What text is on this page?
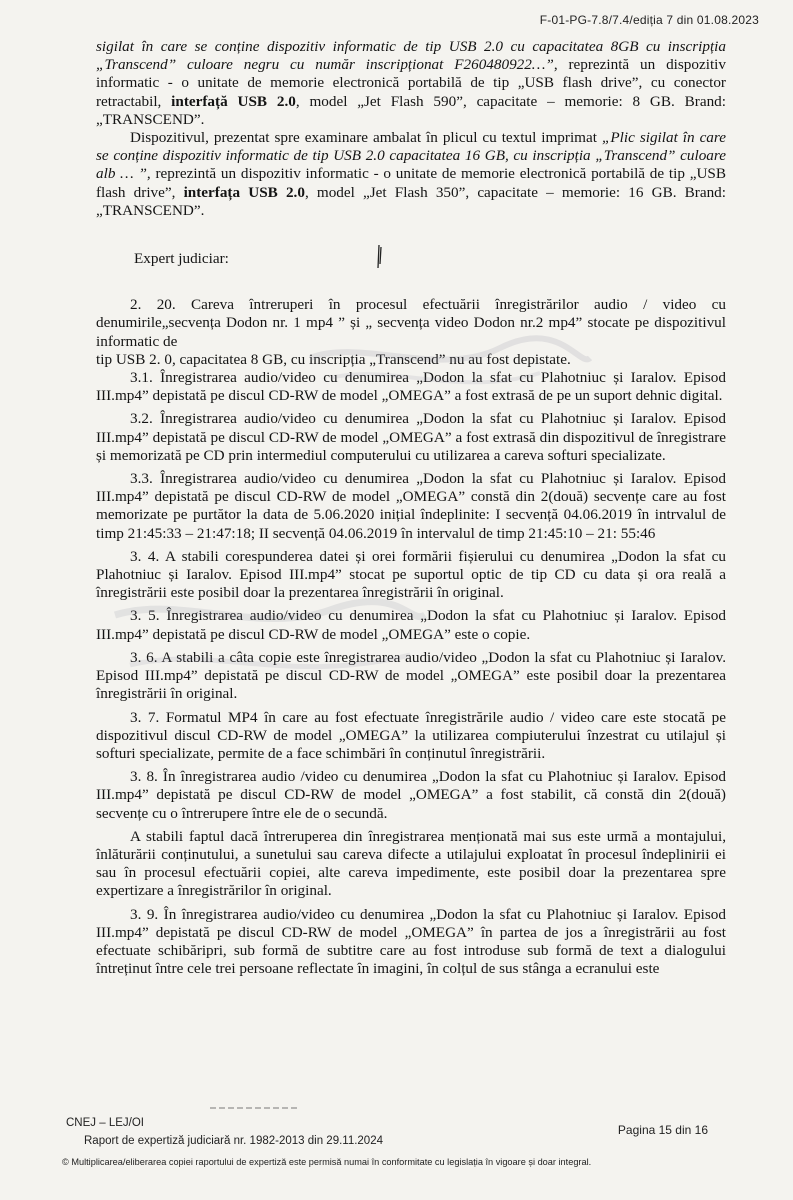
F-01-PG-7.8/7.4/ediția 7 din 01.08.2023

sigilat în care se conține dispozitiv informatic de tip USB 2.0 cu capacitatea 8GB cu inscripția „Transcend” culoare negru cu număr inscripționat F260480922…”, reprezintă un dispozitiv informatic - o unitate de memorie electronică portabilă de tip „USB flash drive”, cu conector retractabil, interfață USB 2.0, model „Jet Flash 590”, capacitate – memorie: 8 GB. Brand: „TRANSCEND”.

Dispozitivul, prezentat spre examinare ambalat în plicul cu textul imprimat „Plic sigilat în care se conține dispozitiv informatic de tip USB 2.0 capacitatea 16 GB, cu inscripția „Transcend” culoare alb … ”, reprezintă un dispozitiv informatic - o unitate de memorie electronică portabilă de tip „USB flash drive”, interfața USB 2.0, model „Jet Flash 350”, capacitate – memorie: 16 GB. Brand: „TRANSCEND”.

Expert judiciar:

2. 20. Careva întreruperi în procesul efectuării înregistrărilor audio / video cu denumirile„secvența Dodon nr. 1 mp4 ” și „ secvența video Dodon nr.2 mp4” stocate pe dispozitivul informatic de

tip USB 2. 0, capacitatea 8 GB, cu inscripția „Transcend” nu au fost depistate.

3.1. Înregistrarea audio/video cu denumirea „Dodon la sfat cu Plahotniuc și Iaralov. Episod III.mp4” depistată pe discul CD-RW de model „OMEGA” a fost extrasă de pe un suport dehnic digital.

3.2. Înregistrarea audio/video cu denumirea „Dodon la sfat cu Plahotniuc și Iaralov. Episod III.mp4” depistată pe discul CD-RW de model „OMEGA” a fost extrasă din dispozitivul de înregistrare și memorizată pe CD prin intermediul computerului cu utilizarea a careva softuri specializate.

3.3. Înregistrarea audio/video cu denumirea „Dodon la sfat cu Plahotniuc și Iaralov. Episod III.mp4” depistată pe discul CD-RW de model „OMEGA” constă din 2(două) secvențe care au fost memorizate pe purtător la data de 5.06.2020 inițial îndeplinite: I secvență 04.06.2019 în intrvalul de timp 21:45:33 – 21:47:18; II secvență 04.06.2019 în intervalul de timp 21:45:10 – 21: 55:46

3. 4. A stabili corespunderea datei și orei formării fișierului cu denumirea „Dodon la sfat cu Plahotniuc și Iaralov. Episod III.mp4” stocat pe suportul optic de tip CD cu data și ora reală a înregistrării este posibil doar la prezentarea înregistrării în original.

3. 5. Înregistrarea audio/video cu denumirea „Dodon la sfat cu Plahotniuc și Iaralov. Episod III.mp4” depistată pe discul CD-RW de model „OMEGA” este o copie.

3. 6. A stabili a câta copie este înregistrarea audio/video „Dodon la sfat cu Plahotniuc și Iaralov. Episod III.mp4” depistată pe discul CD-RW de model „OMEGA” este posibil doar la prezentarea înregistrării în original.

3. 7. Formatul MP4 în care au fost efectuate înregistrările audio / video care este stocată pe dispozitivul discul CD-RW de model „OMEGA” la utilizarea compiuterului înzestrat cu utilajul și softuri specializate, permite de a face schimbări în conținutul înregistrării.

3. 8. În înregistrarea audio /video cu denumirea „Dodon la sfat cu Plahotniuc și Iaralov. Episod III.mp4” depistată pe discul CD-RW de model „OMEGA” a fost stabilit, că constă din 2(două) secvențe cu o întrerupere între ele de o secundă.

A stabili faptul dacă întreruperea din înregistrarea menționată mai sus este urmă a montajului, înlăturării conținutului, a sunetului sau careva difecte a utilajului exploatat în procesul îndeplinirii ei sau în procesul efectuării copiei, alte careva impedimente, este posibil doar la prezentarea spre expertizare a înregistrărilor în original.

3. 9. În înregistrarea audio/video cu denumirea „Dodon la sfat cu Plahotniuc și Iaralov. Episod III.mp4” depistată pe discul CD-RW de model „OMEGA” în partea de jos a înregistrării au fost efectuate schibăripri, sub formă de subtitre care au fost introduse sub formă de text a dialogului întreținut între cele trei persoane reflectate în imagini, în colțul de sus stânga a ecranului este

CNEJ – LEJ/OI
Raport de expertiză judiciară nr. 1982-2013 din 29.11.2024
Pagina 15 din 16
© Multiplicarea/eliberarea copiei raportului de expertiză este permisă numai în conformitate cu legislația în vigoare și doar integral.
